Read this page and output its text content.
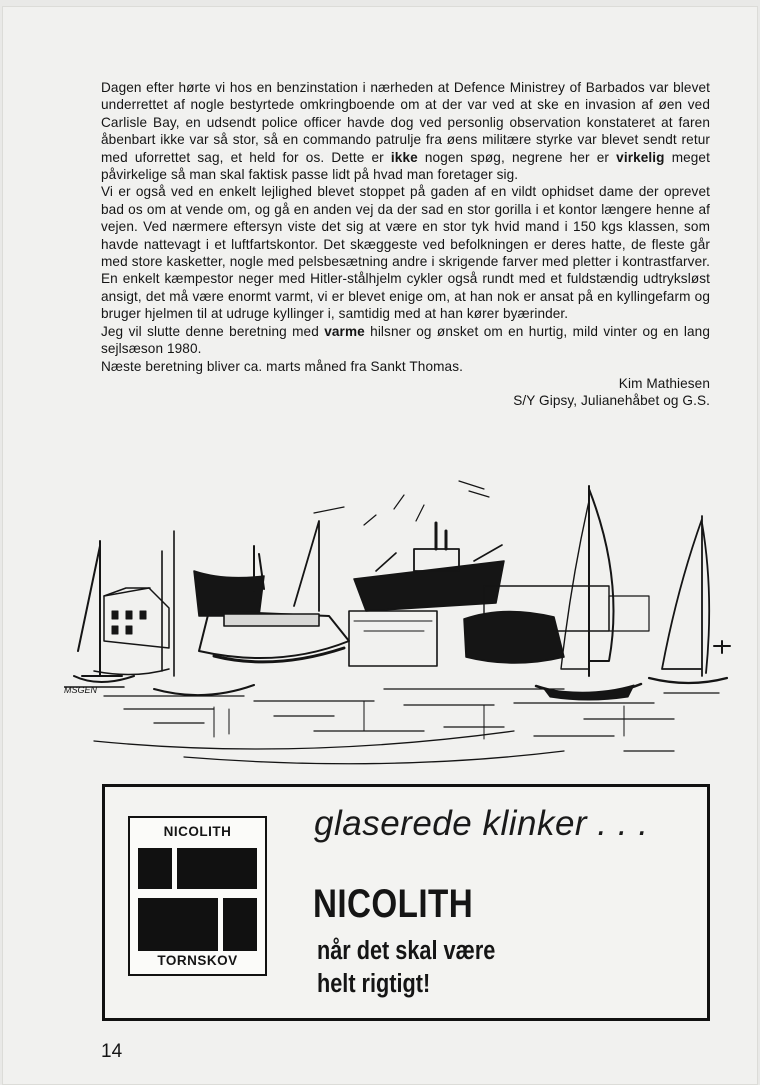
Dagen efter hørte vi hos en benzinstation i nærheden at Defence Ministrey of Barbados var blevet underrettet af nogle bestyrtede omkringboende om at der var ved at ske en invasion af øen ved Carlisle Bay, en udsendt police officer havde dog ved personlig observation konstateret at faren åbenbart ikke var så stor, så en commando patrulje fra øens militære styrke var blevet sendt retur med uforrettet sag, et held for os. Dette er ikke nogen spøg, negrene her er virkelig meget påvirkelige så man skal faktisk passe lidt på hvad man foretager sig.

Vi er også ved en enkelt lejlighed blevet stoppet på gaden af en vildt ophidset dame der oprevet bad os om at vende om, og gå en anden vej da der sad en stor gorilla i et kontor længere henne af vejen. Ved nærmere eftersyn viste det sig at være en stor tyk hvid mand i 150 kgs klassen, som havde nattevagt i et luftfartskontor. Det skæggeste ved befolkningen er deres hatte, de fleste går med store kasketter, nogle med pelsbesætning andre i skrigende farver med pletter i kontrastfarver. En enkelt kæmpestor neger med Hitler-stålhjelm cykler også rundt med et fuldstændig udtryksløst ansigt, det må være enormt varmt, vi er blevet enige om, at han nok er ansat på en kyllingefarm og bruger hjelmen til at udruge kyllinger i, samtidig med at han kører byærinder.

Jeg vil slutte denne beretning med varme hilsner og ønsket om en hurtig, mild vinter og en lang sejlsæson 1980.

Næste beretning bliver ca. marts måned fra Sankt Thomas.

Kim Mathiesen

S/Y Gipsy, Julianehåbet og G.S.

MSGEN
NICOLITH
TORNSKOV
glaserede klinker . . .
NICOLITH
når det skal være
helt rigtigt!
14
